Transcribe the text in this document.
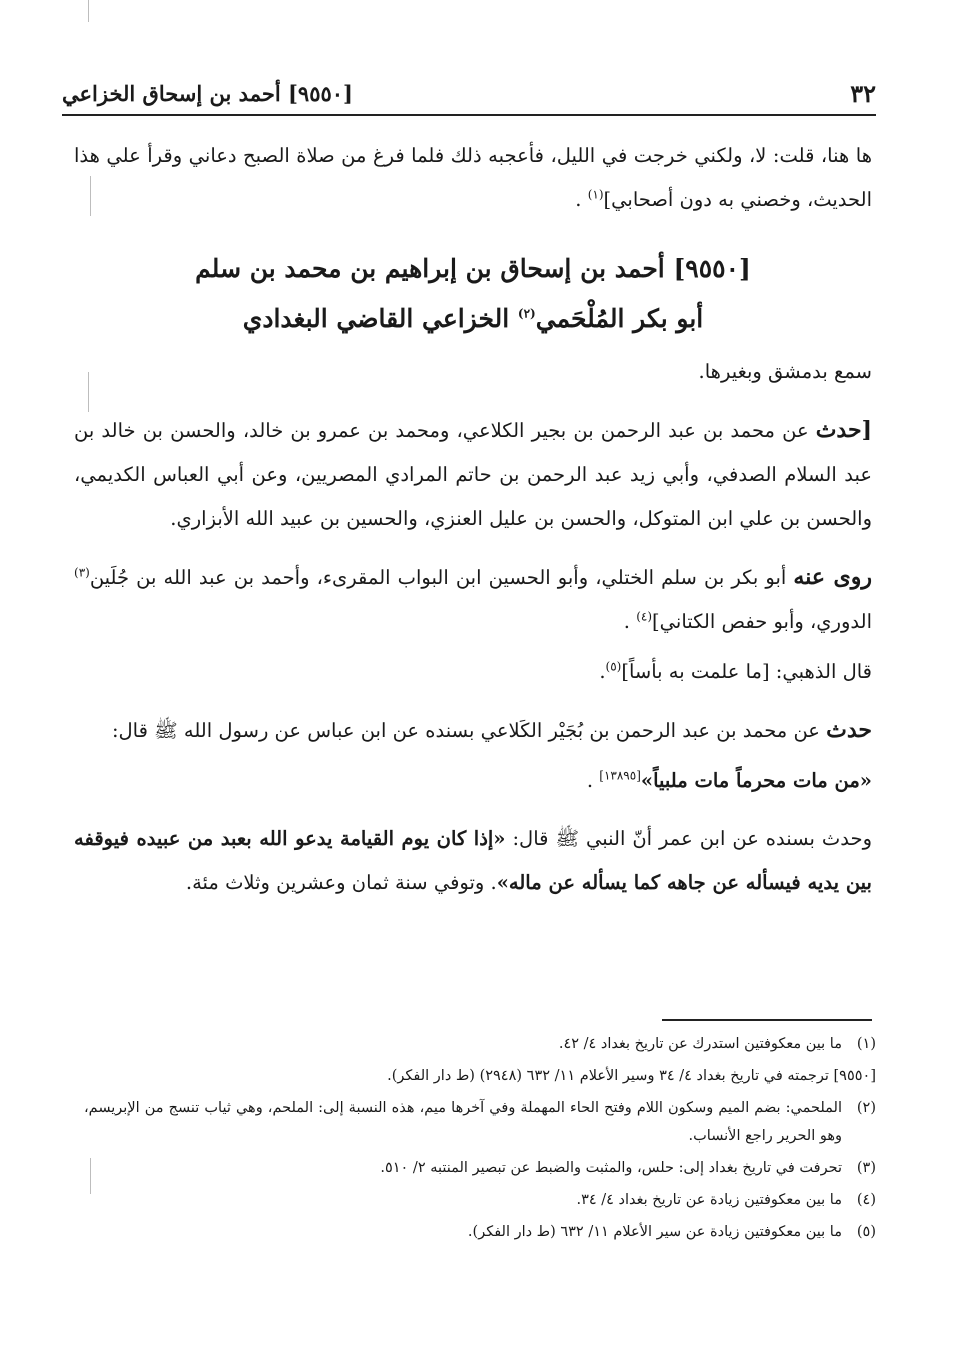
٣٢
[٩٥٥٠] أحمد بن إسحاق الخزاعي

ها هنا، قلت: لا، ولكني خرجت في الليل، فأعجبه ذلك فلما فرغ من صلاة الصبح دعاني وقرأ علي هذا الحديث، وخصني به دون أصحابي]$^{(١)}$ .

[٩٥٥٠] أحمد بن إسحاق بن إبراهيم بن محمد بن سلم
أبو بكر المُلْحَمي$^{(٢)}$ الخزاعي القاضي البغدادي

سمع بدمشق وبغيرها.

[حدث عن محمد بن عبد الرحمن بن بجير الكلاعي، ومحمد بن عمرو بن خالد، والحسن بن خالد بن عبد السلام الصدفي، وأبي زيد عبد الرحمن بن حاتم المرادي المصريين، وعن أبي العباس الكديمي، والحسن بن علي ابن المتوكل، والحسن بن عليل العنزي، والحسين بن عبيد الله الأبزاري.

روى عنه أبو بكر بن سلم الختلي، وأبو الحسين ابن البواب المقرىء، وأحمد بن عبد الله بن جُلَين$^{(٣)}$ الدوري، وأبو حفص الكتاني]$^{(٤)}$ .

قال الذهبي: [ما علمت به بأساً]$^{(٥)}$.

حدث عن محمد بن عبد الرحمن بن بُجَيْر الكَلاعي بسنده عن ابن عباس عن رسول الله ﷺ قال:

«من مات محرماً مات ملبياً»[١٣٨٩٥] .

وحدث بسنده عن ابن عمر أنّ النبي ﷺ قال: «إذا كان يوم القيامة يدعو الله بعبد من عبيده فيوقفه بين يديه فيسأله عن جاهه كما يسأله عن ماله». وتوفي سنة ثمان وعشرين وثلاث مئة.

(١)
ما بين معكوفتين استدرك عن تاريخ بغداد ٤/ ٤٢.
[٩٥٥٠] ترجمته في تاريخ بغداد ٤/ ٣٤ وسير الأعلام ١١/ ٦٣٢ (٢٩٤٨) (ط دار الفكر).
(٢)
الملحمي: بضم الميم وسكون اللام وفتح الحاء المهملة وفي آخرها ميم، هذه النسبة إلى: الملحم، وهي ثياب تنسج من الإبريسم، وهو الحرير راجع الأنساب.
(٣)
تحرفت في تاريخ بغداد إلى: حلس، والمثبت والضبط عن تبصير المنتبه ٢/ ٥١٠.
(٤)
ما بين معكوفتين زيادة عن تاريخ بغداد ٤/ ٣٤.
(٥)
ما بين معكوفتين زيادة عن سير الأعلام ١١/ ٦٣٢ (ط دار الفكر).
